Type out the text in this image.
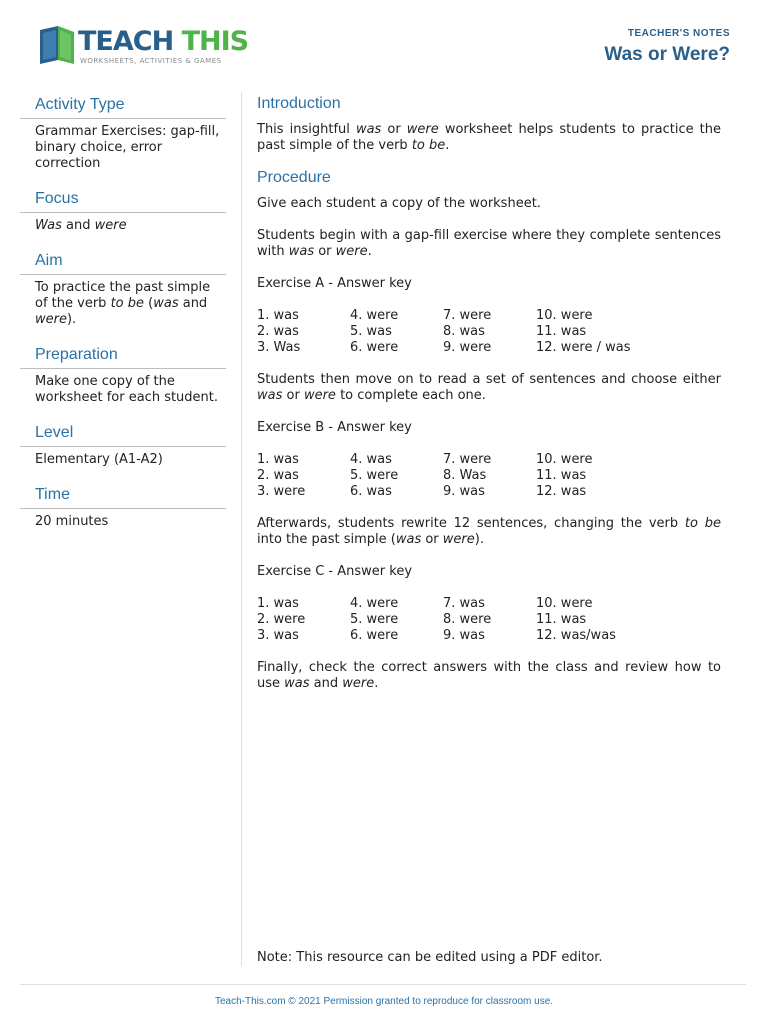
TEACH THIS
WORKSHEETS, ACTIVITIES & GAMES
TEACHER'S NOTES
Was or Were?
Activity Type
Grammar Exercises: gap-fill, binary choice, error correction
Focus
Was and were
Aim
To practice the past simple of the verb to be (was and were).
Preparation
Make one copy of the worksheet for each student.
Level
Elementary (A1-A2)
Time
20 minutes
Introduction
This insightful was or were worksheet helps students to practice the past simple of the verb to be.
Procedure
Give each student a copy of the worksheet.
Students begin with a gap-fill exercise where they complete sentences with was or were.
Exercise A - Answer key
1. was	4. were	7. were	10. were
2. was	5. was	8. was	11. was
3. Was	6. were	9. were	12. were / was
Students then move on to read a set of sentences and choose either was or were to complete each one.
Exercise B - Answer key
1. was	4. was	7. were	10. were
2. was	5. were	8. Was	11. was
3. were	6. was	9. was	12. was
Afterwards, students rewrite 12 sentences, changing the verb to be into the past simple (was or were).
Exercise C - Answer key
1. was	4. were	7. was	10. were
2. were	5. were	8. were	11. was
3. was	6. were	9. was	12. was/was
Finally, check the correct answers with the class and review how to use was and were.
Note: This resource can be edited using a PDF editor.
Teach-This.com © 2021 Permission granted to reproduce for classroom use.
